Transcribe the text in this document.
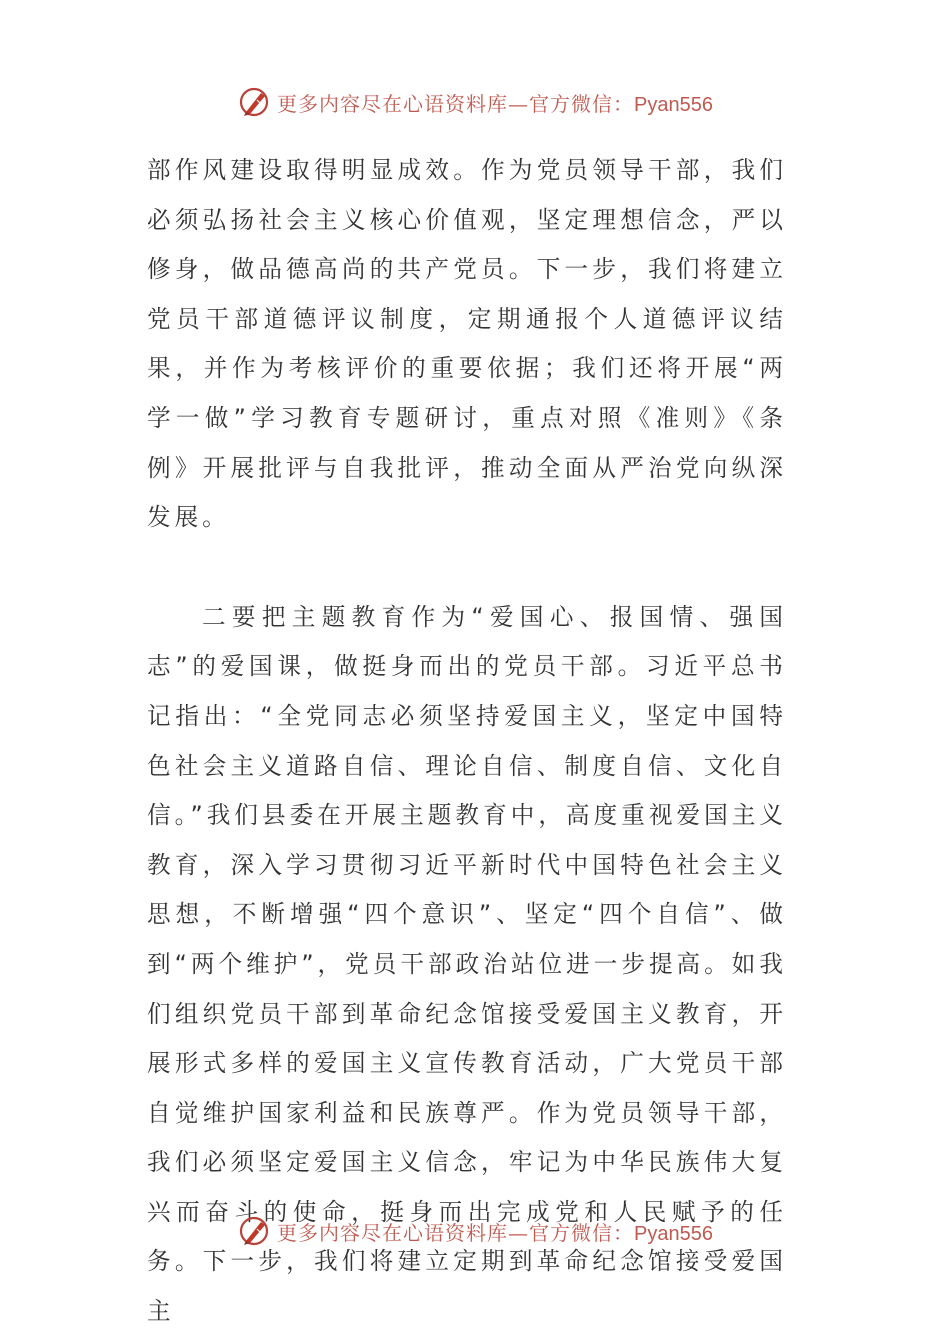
更多内容尽在心语资料库—官方微信：Pyan556

部作风建设取得明显成效。作为党员领导干部，我们必须弘扬社会主义核心价值观，坚定理想信念，严以修身，做品德高尚的共产党员。下一步，我们将建立党员干部道德评议制度，定期通报个人道德评议结果，并作为考核评价的重要依据；我们还将开展“两学一做”学习教育专题研讨，重点对照《准则》《条例》开展批评与自我批评，推动全面从严治党向纵深发展。

二要把主题教育作为“爱国心、报国情、强国志”的爱国课，做挺身而出的党员干部。习近平总书记指出：“全党同志必须坚持爱国主义，坚定中国特色社会主义道路自信、理论自信、制度自信、文化自信。”我们县委在开展主题教育中，高度重视爱国主义教育，深入学习贯彻习近平新时代中国特色社会主义思想，不断增强“四个意识”、坚定“四个自信”、做到“两个维护”，党员干部政治站位进一步提高。如我们组织党员干部到革命纪念馆接受爱国主义教育，开展形式多样的爱国主义宣传教育活动，广大党员干部自觉维护国家利益和民族尊严。作为党员领导干部，我们必须坚定爱国主义信念，牢记为中华民族伟大复兴而奋斗的使命，挺身而出完成党和人民赋予的任务。下一步，我们将建立定期到革命纪念馆接受爱国主

更多内容尽在心语资料库—官方微信：Pyan556
